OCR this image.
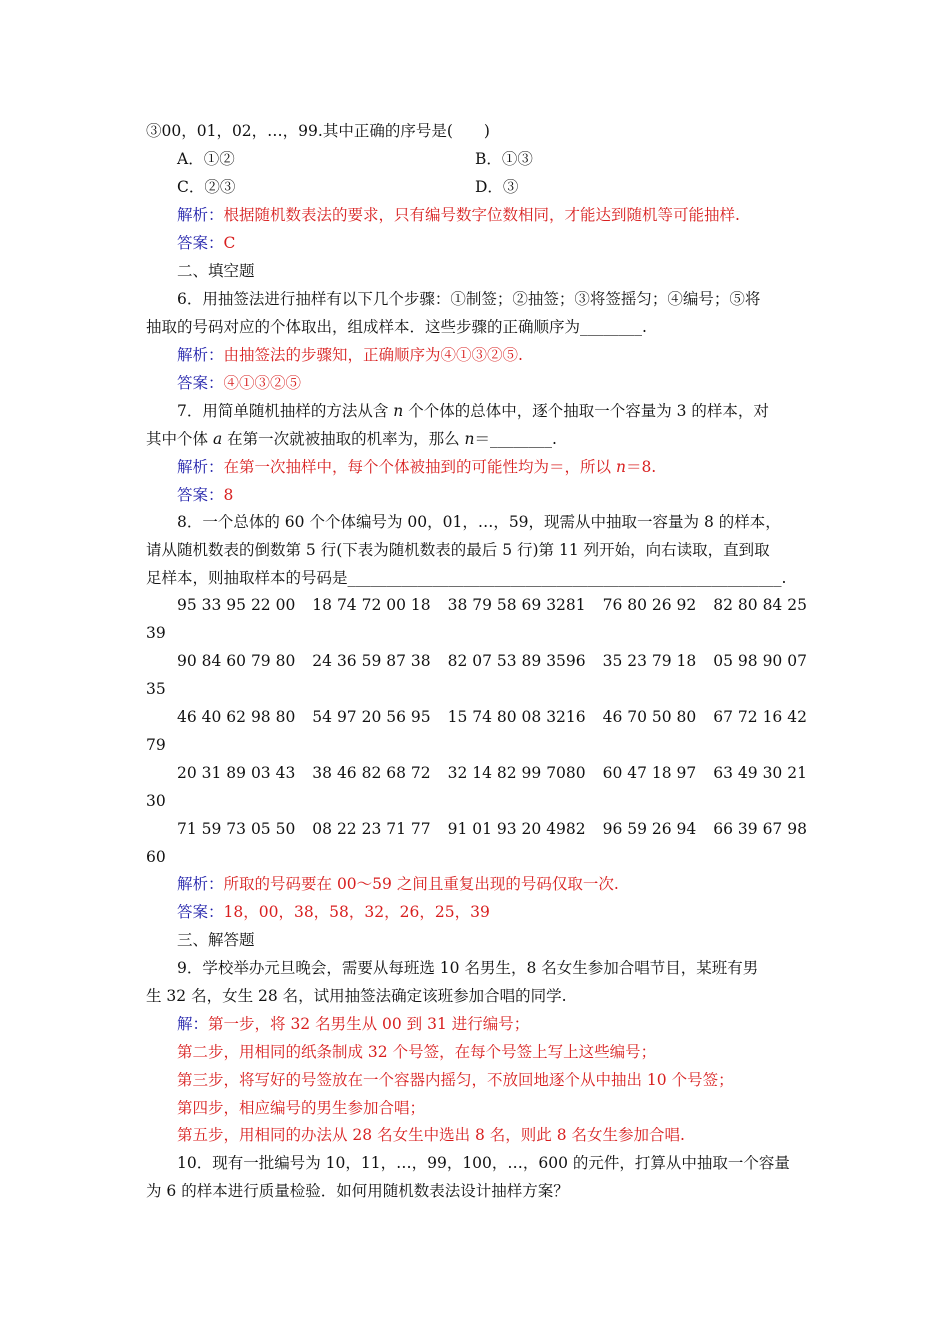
③00，01，02，…，99.其中正确的序号是(　　)
A．①②	B．①③
C．②③	D．③
解析：根据随机数表法的要求，只有编号数字位数相同，才能达到随机等可能抽样.
答案：C
二、填空题
6．用抽签法进行抽样有以下几个步骤：①制签；②抽签；③将签摇匀；④编号；⑤将
抽取的号码对应的个体取出，组成样本．这些步骤的正确顺序为________.
解析：由抽签法的步骤知，正确顺序为④①③②⑤.
答案：④①③②⑤
7．用简单随机抽样的方法从含 n 个个体的总体中，逐个抽取一个容量为 3 的样本，对
其中个体 a 在第一次就被抽取的机率为，那么 n＝________.
解析：在第一次抽样中，每个个体被抽到的可能性均为＝，所以 n＝8.
答案：8
8．一个总体的 60 个个体编号为 00，01，…，59，现需从中抽取一容量为 8 的样本，
请从随机数表的倒数第 5 行(下表为随机数表的最后 5 行)第 11 列开始，向右读取，直到取
足样本，则抽取样本的号码是________________________________________________________.
95 33 95 22 00 18 74 72 00 18 38 79 58 69 3281 76 80 26 92 82 80 84 25
39
90 84 60 79 80 24 36 59 87 38 82 07 53 89 3596 35 23 79 18 05 98 90 07
35
46 40 62 98 80 54 97 20 56 95 15 74 80 08 3216 46 70 50 80 67 72 16 42
79
20 31 89 03 43 38 46 82 68 72 32 14 82 99 7080 60 47 18 97 63 49 30 21
30
71 59 73 05 50 08 22 23 71 77 91 01 93 20 4982 96 59 26 94 66 39 67 98
60
解析：所取的号码要在 00～59 之间且重复出现的号码仅取一次.
答案：18，00，38，58，32，26，25，39
三、解答题
9．学校举办元旦晚会，需要从每班选 10 名男生，8 名女生参加合唱节目，某班有男
生 32 名，女生 28 名，试用抽签法确定该班参加合唱的同学.
解：第一步，将 32 名男生从 00 到 31 进行编号；
第二步，用相同的纸条制成 32 个号签，在每个号签上写上这些编号；
第三步，将写好的号签放在一个容器内摇匀，不放回地逐个从中抽出 10 个号签；
第四步，相应编号的男生参加合唱；
第五步，用相同的办法从 28 名女生中选出 8 名，则此 8 名女生参加合唱.
10．现有一批编号为 10，11，…，99，100，…，600 的元件，打算从中抽取一个容量
为 6 的样本进行质量检验．如何用随机数表法设计抽样方案？
